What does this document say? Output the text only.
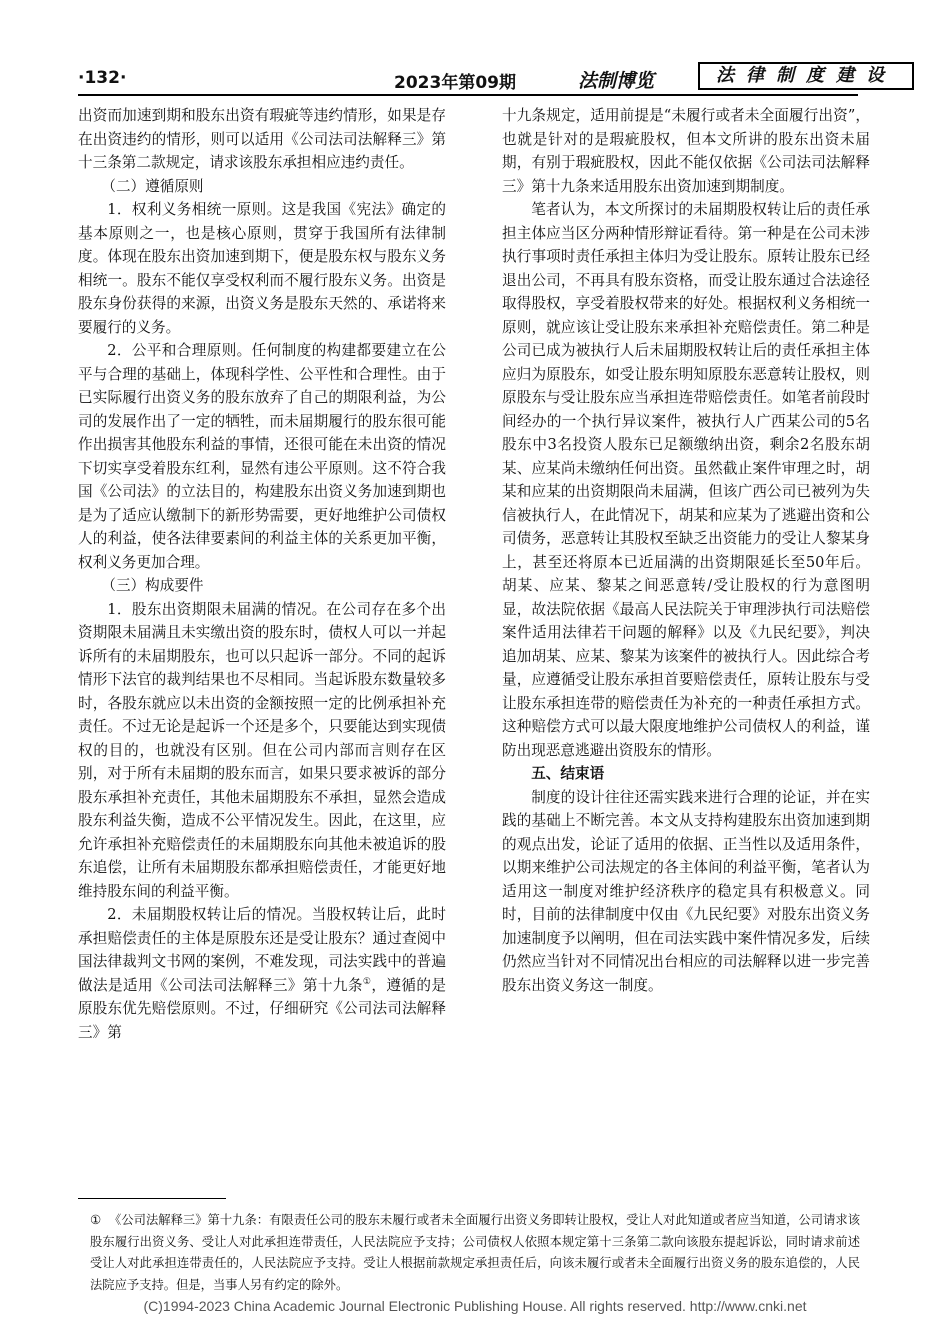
·132·	2023年第09期	法制博览	法律制度建设

出资而加速到期和股东出资有瑕疵等违约情形，如果是存在出资违约的情形，则可以适用《公司法司法解释三》第十三条第二款规定，请求该股东承担相应违约责任。

（二）遵循原则

1．权利义务相统一原则。这是我国《宪法》确定的基本原则之一，也是核心原则，贯穿于我国所有法律制度。体现在股东出资加速到期下，便是股东权与股东义务相统一。股东不能仅享受权利而不履行股东义务。出资是股东身份获得的来源，出资义务是股东天然的、承诺将来要履行的义务。

2．公平和合理原则。任何制度的构建都要建立在公平与合理的基础上，体现科学性、公平性和合理性。由于已实际履行出资义务的股东放弃了自己的期限利益，为公司的发展作出了一定的牺牲，而未届期履行的股东很可能作出损害其他股东利益的事情，还很可能在未出资的情况下切实享受着股东红利，显然有违公平原则。这不符合我国《公司法》的立法目的，构建股东出资义务加速到期也是为了适应认缴制下的新形势需要，更好地维护公司债权人的利益，使各法律要素间的利益主体的关系更加平衡，权利义务更加合理。

（三）构成要件

1．股东出资期限未届满的情况。在公司存在多个出资期限未届满且未实缴出资的股东时，债权人可以一并起诉所有的未届期股东，也可以只起诉一部分。不同的起诉情形下法官的裁判结果也不尽相同。当起诉股东数量较多时，各股东就应以未出资的金额按照一定的比例承担补充责任。不过无论是起诉一个还是多个，只要能达到实现债权的目的，也就没有区别。但在公司内部而言则存在区别，对于所有未届期的股东而言，如果只要求被诉的部分股东承担补充责任，其他未届期股东不承担，显然会造成股东利益失衡，造成不公平情况发生。因此，在这里，应允许承担补充赔偿责任的未届期股东向其他未被追诉的股东追偿，让所有未届期股东都承担赔偿责任，才能更好地维持股东间的利益平衡。

2．未届期股权转让后的情况。当股权转让后，此时承担赔偿责任的主体是原股东还是受让股东？通过查阅中国法律裁判文书网的案例，不难发现，司法实践中的普遍做法是适用《公司法司法解释三》第十九条①，遵循的是原股东优先赔偿原则。不过，仔细研究《公司法司法解释三》第

十九条规定，适用前提是“未履行或者未全面履行出资”，也就是针对的是瑕疵股权，但本文所讲的股东出资未届期，有别于瑕疵股权，因此不能仅依据《公司法司法解释三》第十九条来适用股东出资加速到期制度。

笔者认为，本文所探讨的未届期股权转让后的责任承担主体应当区分两种情形辩证看待。第一种是在公司未涉执行事项时责任承担主体归为受让股东。原转让股东已经退出公司，不再具有股东资格，而受让股东通过合法途径取得股权，享受着股权带来的好处。根据权利义务相统一原则，就应该让受让股东来承担补充赔偿责任。第二种是公司已成为被执行人后未届期股权转让后的责任承担主体应归为原股东，如受让股东明知原股东恶意转让股权，则原股东与受让股东应当承担连带赔偿责任。如笔者前段时间经办的一个执行异议案件，被执行人广西某公司的5名股东中3名投资人股东已足额缴纳出资，剩余2名股东胡某、应某尚未缴纳任何出资。虽然截止案件审理之时，胡某和应某的出资期限尚未届满，但该广西公司已被列为失信被执行人，在此情况下，胡某和应某为了逃避出资和公司债务，恶意转让其股权至缺乏出资能力的受让人黎某身上，甚至还将原本已近届满的出资期限延长至50年后。胡某、应某、黎某之间恶意转/受让股权的行为意图明显，故法院依据《最高人民法院关于审理涉执行司法赔偿案件适用法律若干问题的解释》以及《九民纪要》，判决追加胡某、应某、黎某为该案件的被执行人。因此综合考量，应遵循受让股东承担首要赔偿责任，原转让股东与受让股东承担连带的赔偿责任为补充的一种责任承担方式。这种赔偿方式可以最大限度地维护公司债权人的利益，谨防出现恶意逃避出资股东的情形。

五、结束语

制度的设计往往还需实践来进行合理的论证，并在实践的基础上不断完善。本文从支持构建股东出资加速到期的观点出发，论证了适用的依据、正当性以及适用条件，以期来维护公司法规定的各主体间的利益平衡，笔者认为适用这一制度对维护经济秩序的稳定具有积极意义。同时，目前的法律制度中仅由《九民纪要》对股东出资义务加速制度予以阐明，但在司法实践中案件情况多发，后续仍然应当针对不同情况出台相应的司法解释以进一步完善股东出资义务这一制度。

① 《公司法解释三》第十九条：有限责任公司的股东未履行或者未全面履行出资义务即转让股权，受让人对此知道或者应当知道，公司请求该股东履行出资义务、受让人对此承担连带责任，人民法院应予支持；公司债权人依照本规定第十三条第二款向该股东提起诉讼，同时请求前述受让人对此承担连带责任的，人民法院应予支持。受让人根据前款规定承担责任后，向该未履行或者未全面履行出资义务的股东追偿的，人民法院应予支持。但是，当事人另有约定的除外。
(C)1994-2023 China Academic Journal Electronic Publishing House. All rights reserved. http://www.cnki.net
